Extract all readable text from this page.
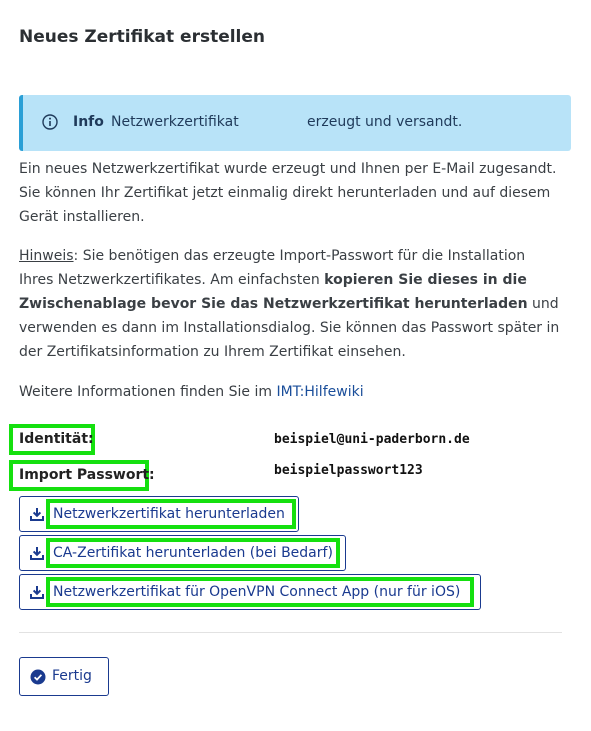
Neues Zertifikat erstellen
Info Netzwerkzertifikat	erzeugt und versandt.
Ein neues Netzwerkzertifikat wurde erzeugt und Ihnen per E-Mail zugesandt.
Sie können Ihr Zertifikat jetzt einmalig direkt herunterladen und auf diesem
Gerät installieren.
Hinweis: Sie benötigen das erzeugte Import-Passwort für die Installation
Ihres Netzwerkzertifikates. Am einfachsten kopieren Sie dieses in die
Zwischenablage bevor Sie das Netzwerkzertifikat herunterladen und
verwenden es dann im Installationsdialog. Sie können das Passwort später in
der Zertifikatsinformation zu Ihrem Zertifikat einsehen.
Weitere Informationen finden Sie im IMT:Hilfewiki
Identität:	beispiel@uni-paderborn.de
Import Passwort:	beispielpasswort123
Netzwerkzertifikat herunterladen
CA-Zertifikat herunterladen (bei Bedarf)
Netzwerkzertifikat für OpenVPN Connect App (nur für iOS)
Fertig
